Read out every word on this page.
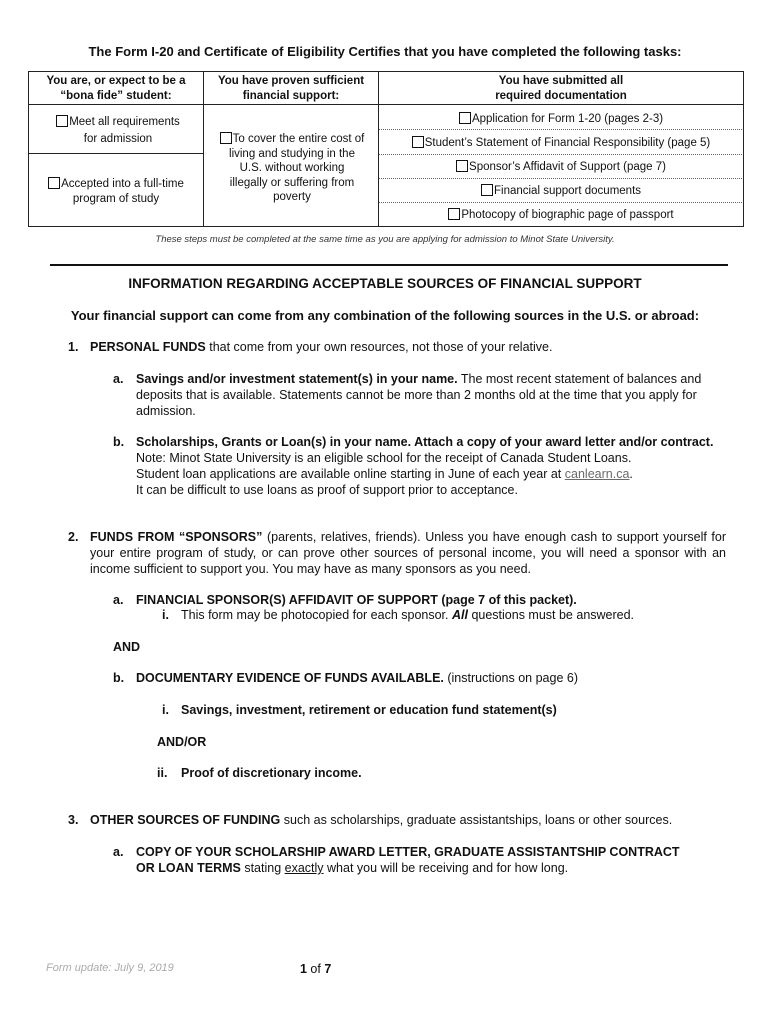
The Form I-20 and Certificate of Eligibility Certifies that you have completed the following tasks:
You are, or expect to be a
“bona fide” student:
You have proven sufficient
financial support:
You have submitted all
required documentation
Meet all requirements
for admission
Accepted into a full-time
program of study
To cover the entire cost of
living and studying in the
U.S. without working
illegally or suffering from
poverty
Application for Form 1-20 (pages 2-3)
Student’s Statement of Financial Responsibility (page 5)
Sponsor’s Affidavit of Support (page 7)
Financial support documents
Photocopy of biographic page of passport
These steps must be completed at the same time as you are applying for admission to Minot State University.
INFORMATION REGARDING ACCEPTABLE SOURCES OF FINANCIAL SUPPORT
Your financial support can come from any combination of the following sources in the U.S. or abroad:
1. PERSONAL FUNDS that come from your own resources, not those of your relative.
a. Savings and/or investment statement(s) in your name. The most recent statement of balances and deposits that is available. Statements cannot be more than 2 months old at the time that you apply for admission.
b. Scholarships, Grants or Loan(s) in your name. Attach a copy of your award letter and/or contract.
Note: Minot State University is an eligible school for the receipt of Canada Student Loans.
Student loan applications are available online starting in June of each year at canlearn.ca.
It can be difficult to use loans as proof of support prior to acceptance.
2. FUNDS FROM “SPONSORS” (parents, relatives, friends). Unless you have enough cash to support yourself for your entire program of study, or can prove other sources of personal income, you will need a sponsor with an income sufficient to support you. You may have as many sponsors as you need.
a. FINANCIAL SPONSOR(S) AFFIDAVIT OF SUPPORT (page 7 of this packet).
i. This form may be photocopied for each sponsor. All questions must be answered.
AND
b. DOCUMENTARY EVIDENCE OF FUNDS AVAILABLE. (instructions on page 6)
i. Savings, investment, retirement or education fund statement(s)
AND/OR
ii. Proof of discretionary income.
3. OTHER SOURCES OF FUNDING such as scholarships, graduate assistantships, loans or other sources.
a. COPY OF YOUR SCHOLARSHIP AWARD LETTER, GRADUATE ASSISTANTSHIP CONTRACT
OR LOAN TERMS stating exactly what you will be receiving and for how long.
Form update: July 9, 2019	1 of 7
